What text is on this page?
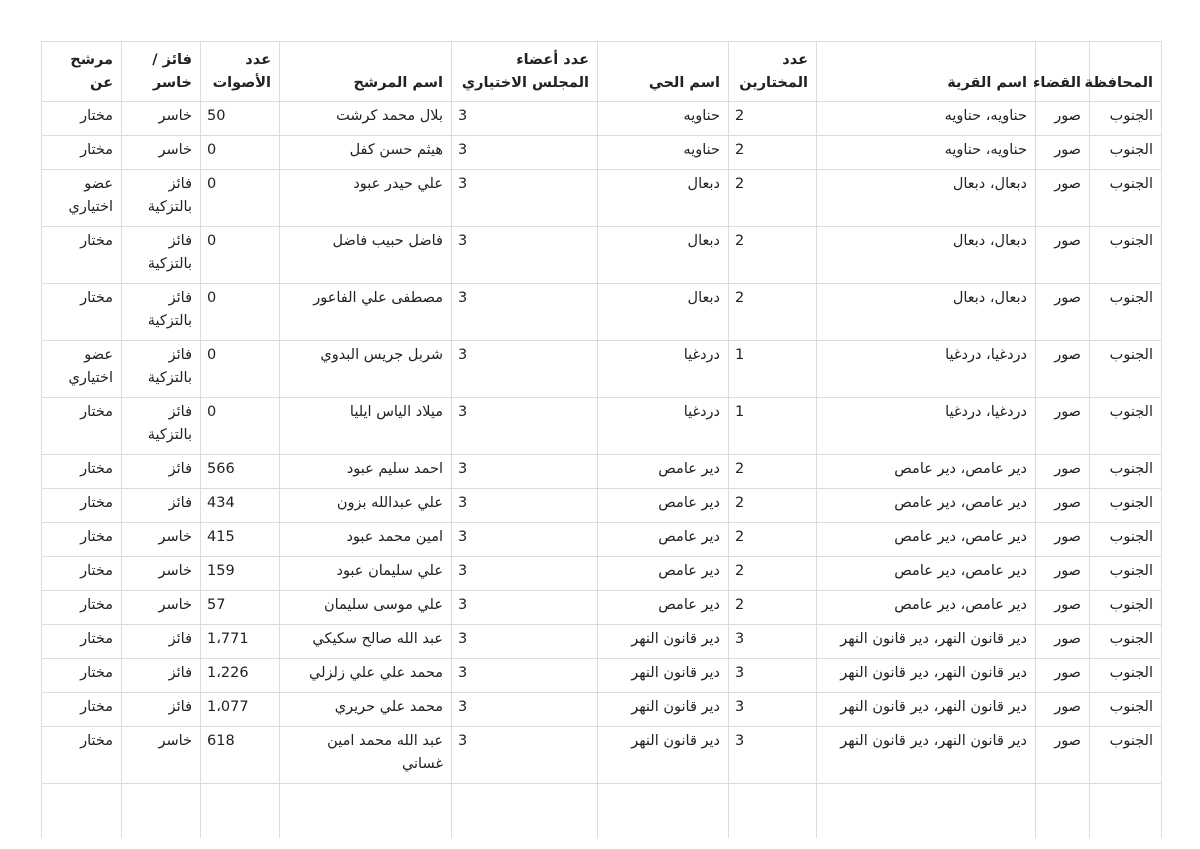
المحافظة	القضاء	اسم القرية	عدد المختارين	اسم الحي	عدد أعضاء المجلس الاختياري	اسم المرشح	عدد الأصوات	فائز / خاسر	مرشح عن
الجنوب	صور	حناويه، حناويه	2	حناويه	3	بلال محمد كرشت	50	خاسر	مختار
الجنوب	صور	حناويه، حناويه	2	حناويه	3	هيثم حسن كفل	0	خاسر	مختار
الجنوب	صور	دبعال، دبعال	2	دبعال	3	علي حيدر عبود	0	فائز بالتزكية	عضو اختياري
الجنوب	صور	دبعال، دبعال	2	دبعال	3	فاضل حبيب فاضل	0	فائز بالتزكية	مختار
الجنوب	صور	دبعال، دبعال	2	دبعال	3	مصطفى علي الفاعور	0	فائز بالتزكية	مختار
الجنوب	صور	دردغيا، دردغيا	1	دردغيا	3	شربل جريس البدوي	0	فائز بالتزكية	عضو اختياري
الجنوب	صور	دردغيا، دردغيا	1	دردغيا	3	ميلاد الياس ايليا	0	فائز بالتزكية	مختار
الجنوب	صور	دير عامص، دير عامص	2	دير عامص	3	احمد سليم عبود	566	فائز	مختار
الجنوب	صور	دير عامص، دير عامص	2	دير عامص	3	علي عبدالله بزون	434	فائز	مختار
الجنوب	صور	دير عامص، دير عامص	2	دير عامص	3	امين محمد عبود	415	خاسر	مختار
الجنوب	صور	دير عامص، دير عامص	2	دير عامص	3	علي سليمان عبود	159	خاسر	مختار
الجنوب	صور	دير عامص، دير عامص	2	دير عامص	3	علي موسى سليمان	57	خاسر	مختار
الجنوب	صور	دير قانون النهر، دير قانون النهر	3	دير قانون النهر	3	عبد الله صالح سكيكي	1،771	فائز	مختار
الجنوب	صور	دير قانون النهر، دير قانون النهر	3	دير قانون النهر	3	محمد علي علي زلزلي	1،226	فائز	مختار
الجنوب	صور	دير قانون النهر، دير قانون النهر	3	دير قانون النهر	3	محمد علي حريري	1،077	فائز	مختار
الجنوب	صور	دير قانون النهر، دير قانون النهر	3	دير قانون النهر	3	عبد الله محمد امين غساني	618	خاسر	مختار
